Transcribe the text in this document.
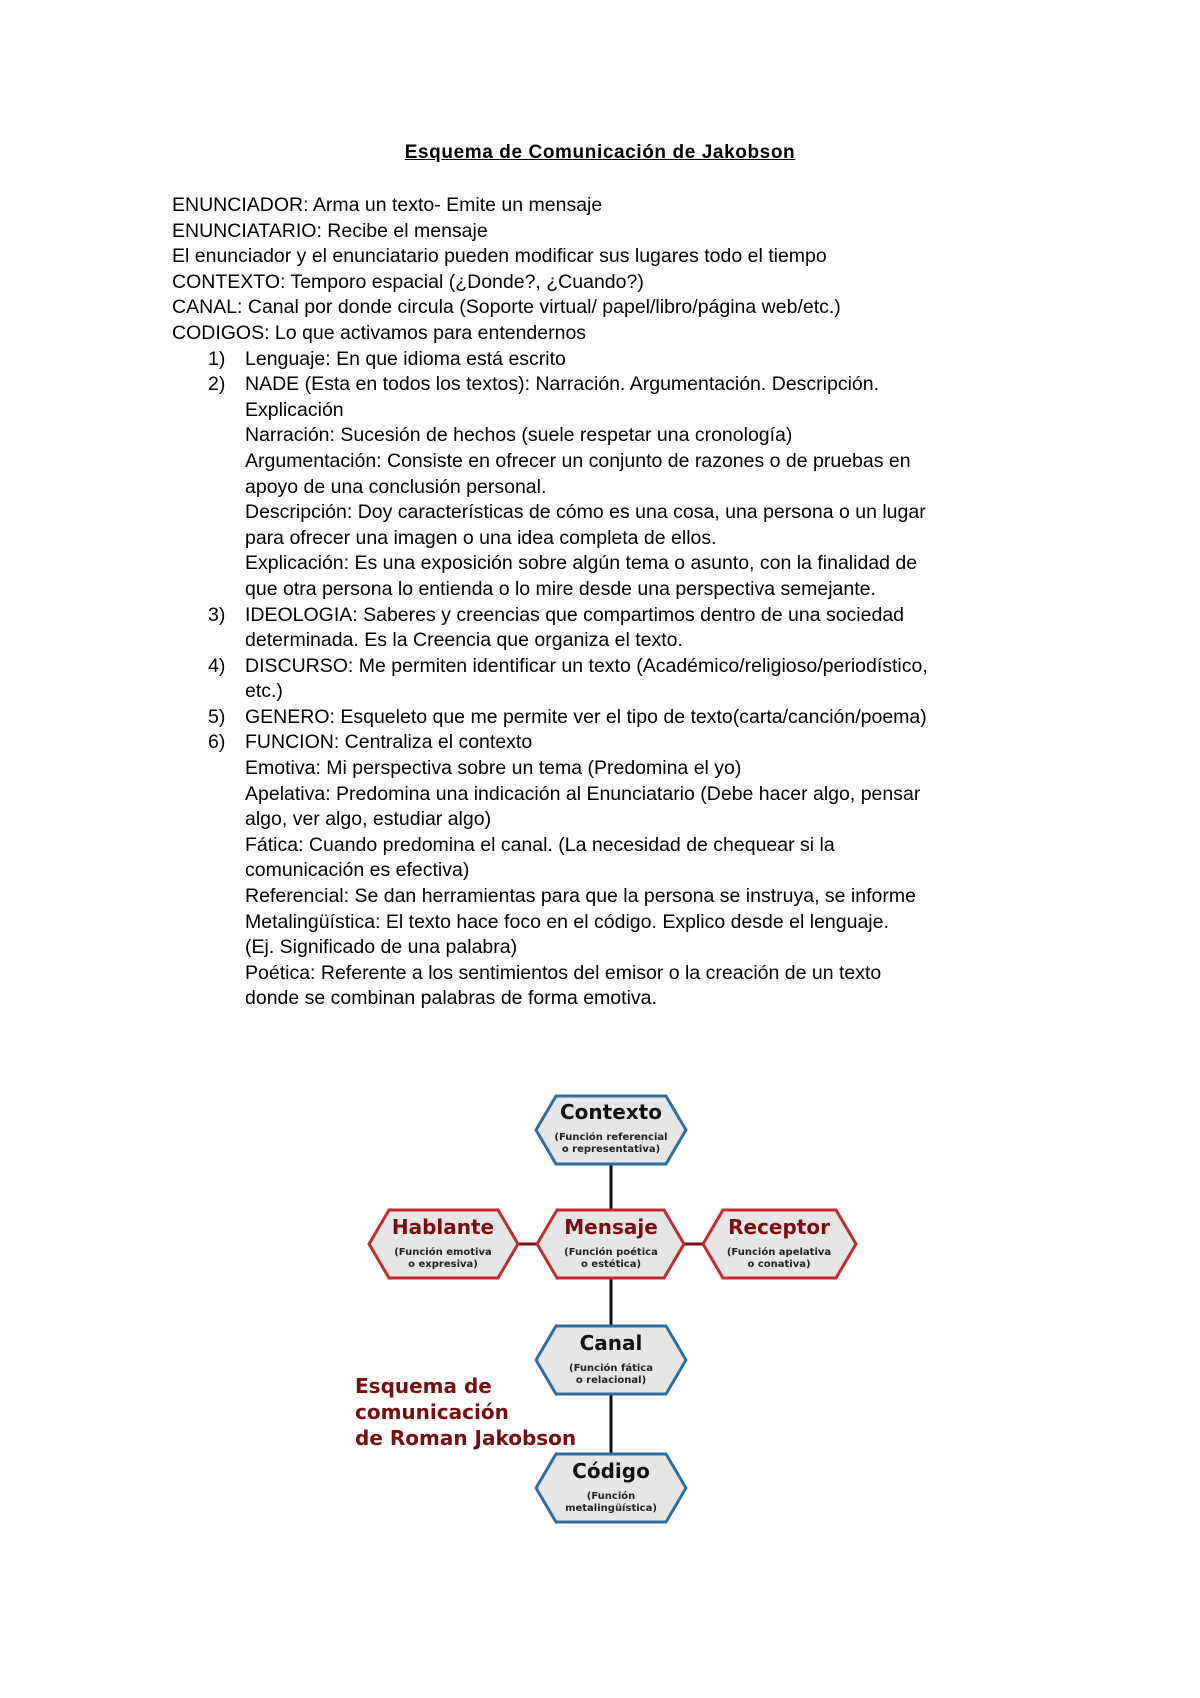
Esquema de Comunicación de Jakobson
ENUNCIADOR: Arma un texto- Emite un mensaje
ENUNCIATARIO: Recibe el mensaje
El enunciador y el enunciatario pueden modificar sus lugares todo el tiempo
CONTEXTO: Temporo espacial (¿Donde?, ¿Cuando?)
CANAL: Canal por donde circula (Soporte virtual/ papel/libro/página web/etc.)
CODIGOS: Lo que activamos para entendernos
1) Lenguaje: En que idioma está escrito
2) NADE (Esta en todos los textos): Narración. Argumentación. Descripción.
Explicación
Narración: Sucesión de hechos (suele respetar una cronología)
Argumentación: Consiste en ofrecer un conjunto de razones o de pruebas en
apoyo de una conclusión personal.
Descripción: Doy características de cómo es una cosa, una persona o un lugar
para ofrecer una imagen o una idea completa de ellos.
Explicación: Es una exposición sobre algún tema o asunto, con la finalidad de
que otra persona lo entienda o lo mire desde una perspectiva semejante.
3) IDEOLOGIA: Saberes y creencias que compartimos dentro de una sociedad
determinada. Es la Creencia que organiza el texto.
4) DISCURSO: Me permiten identificar un texto (Académico/religioso/periodístico,
etc.)
5) GENERO: Esqueleto que me permite ver el tipo de texto(carta/canción/poema)
6) FUNCION: Centraliza el contexto
Emotiva: Mi perspectiva sobre un tema (Predomina el yo)
Apelativa: Predomina una indicación al Enunciatario (Debe hacer algo, pensar
algo, ver algo, estudiar algo)
Fática: Cuando predomina el canal. (La necesidad de chequear si la
comunicación es efectiva)
Referencial: Se dan herramientas para que la persona se instruya, se informe
Metalingüística: El texto hace foco en el código. Explico desde el lenguaje.
(Ej. Significado de una palabra)
Poética: Referente a los sentimientos del emisor o la creación de un texto
donde se combinan palabras de forma emotiva.
Contexto
(Función referencial
o representativa)
Hablante
(Función emotiva
o expresiva)
Mensaje
(Función poética
o estética)
Receptor
(Función apelativa
o conativa)
Canal
(Función fática
o relacional)
Código
(Función
metalingüística)
Esquema de
comunicación
de Roman Jakobson
